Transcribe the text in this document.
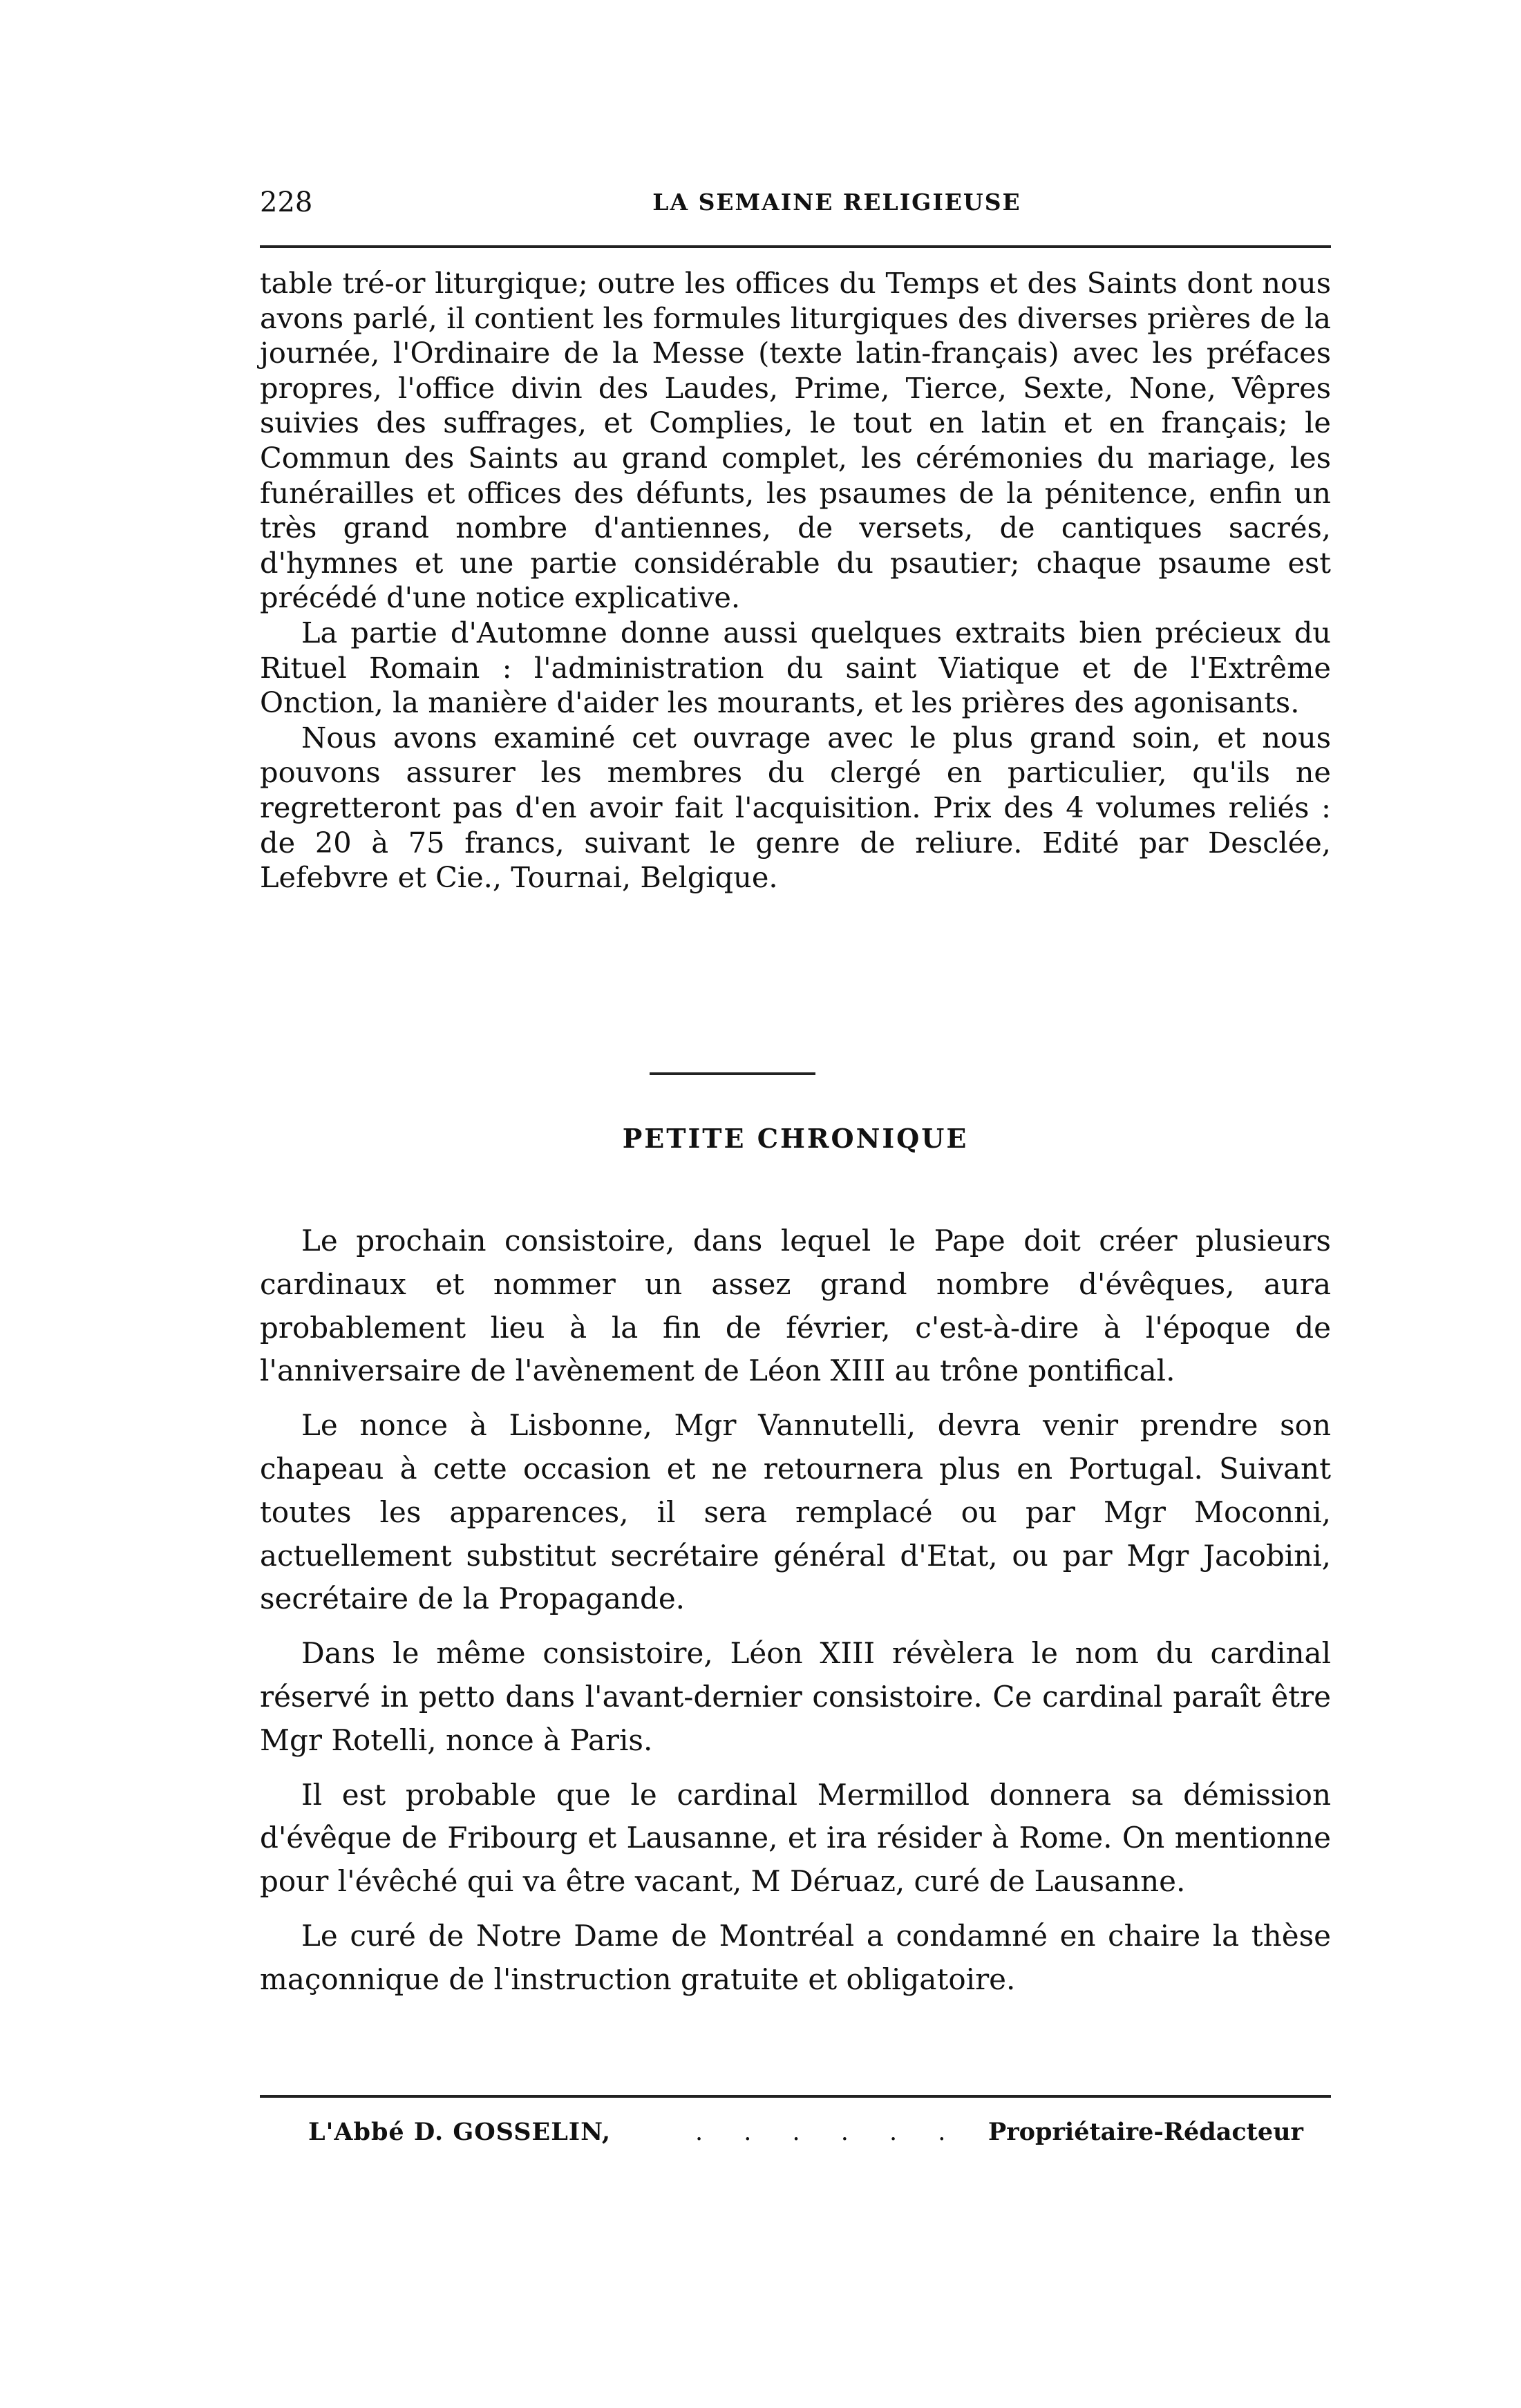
228	LA SEMAINE RELIGIEUSE

table tré-or liturgique; outre les offices du Temps et des Saints dont nous avons parlé, il contient les formules liturgiques des diverses prières de la journée, l'Ordinaire de la Messe (texte latin-français) avec les préfaces propres, l'office divin des Laudes, Prime, Tierce, Sexte, None, Vêpres suivies des suffrages, et Complies, le tout en latin et en français; le Commun des Saints au grand complet, les cérémonies du mariage, les funérailles et offices des défunts, les psaumes de la pénitence, enfin un très grand nombre d'antiennes, de versets, de cantiques sacrés, d'hymnes et une partie considérable du psautier; chaque psaume est précédé d'une notice explicative.

La partie d'Automne donne aussi quelques extraits bien précieux du Rituel Romain : l'administration du saint Viatique et de l'Extrême Onction, la manière d'aider les mourants, et les prières des agonisants.

Nous avons examiné cet ouvrage avec le plus grand soin, et nous pouvons assurer les membres du clergé en particulier, qu'ils ne regretteront pas d'en avoir fait l'acquisition. Prix des 4 volumes reliés : de 20 à 75 francs, suivant le genre de reliure. Edité par Desclée, Lefebvre et Cie., Tournai, Belgique.

PETITE CHRONIQUE

Le prochain consistoire, dans lequel le Pape doit créer plusieurs cardinaux et nommer un assez grand nombre d'évêques, aura probablement lieu à la fin de février, c'est-à-dire à l'époque de l'anniversaire de l'avènement de Léon XIII au trône pontifical.

Le nonce à Lisbonne, Mgr Vannutelli, devra venir prendre son chapeau à cette occasion et ne retournera plus en Portugal. Suivant toutes les apparences, il sera remplacé ou par Mgr Moconni, actuellement substitut secrétaire général d'Etat, ou par Mgr Jacobini, secrétaire de la Propagande.

Dans le même consistoire, Léon XIII révèlera le nom du cardinal réservé in petto dans l'avant-dernier consistoire. Ce cardinal paraît être Mgr Rotelli, nonce à Paris.

Il est probable que le cardinal Mermillod donnera sa démission d'évêque de Fribourg et Lausanne, et ira résider à Rome. On mentionne pour l'évêché qui va être vacant, M Déruaz, curé de Lausanne.

Le curé de Notre Dame de Montréal a condamné en chaire la thèse maçonnique de l'instruction gratuite et obligatoire.

L'Abbé D. GOSSELIN,	. . . . . . Propriétaire-Rédacteur
